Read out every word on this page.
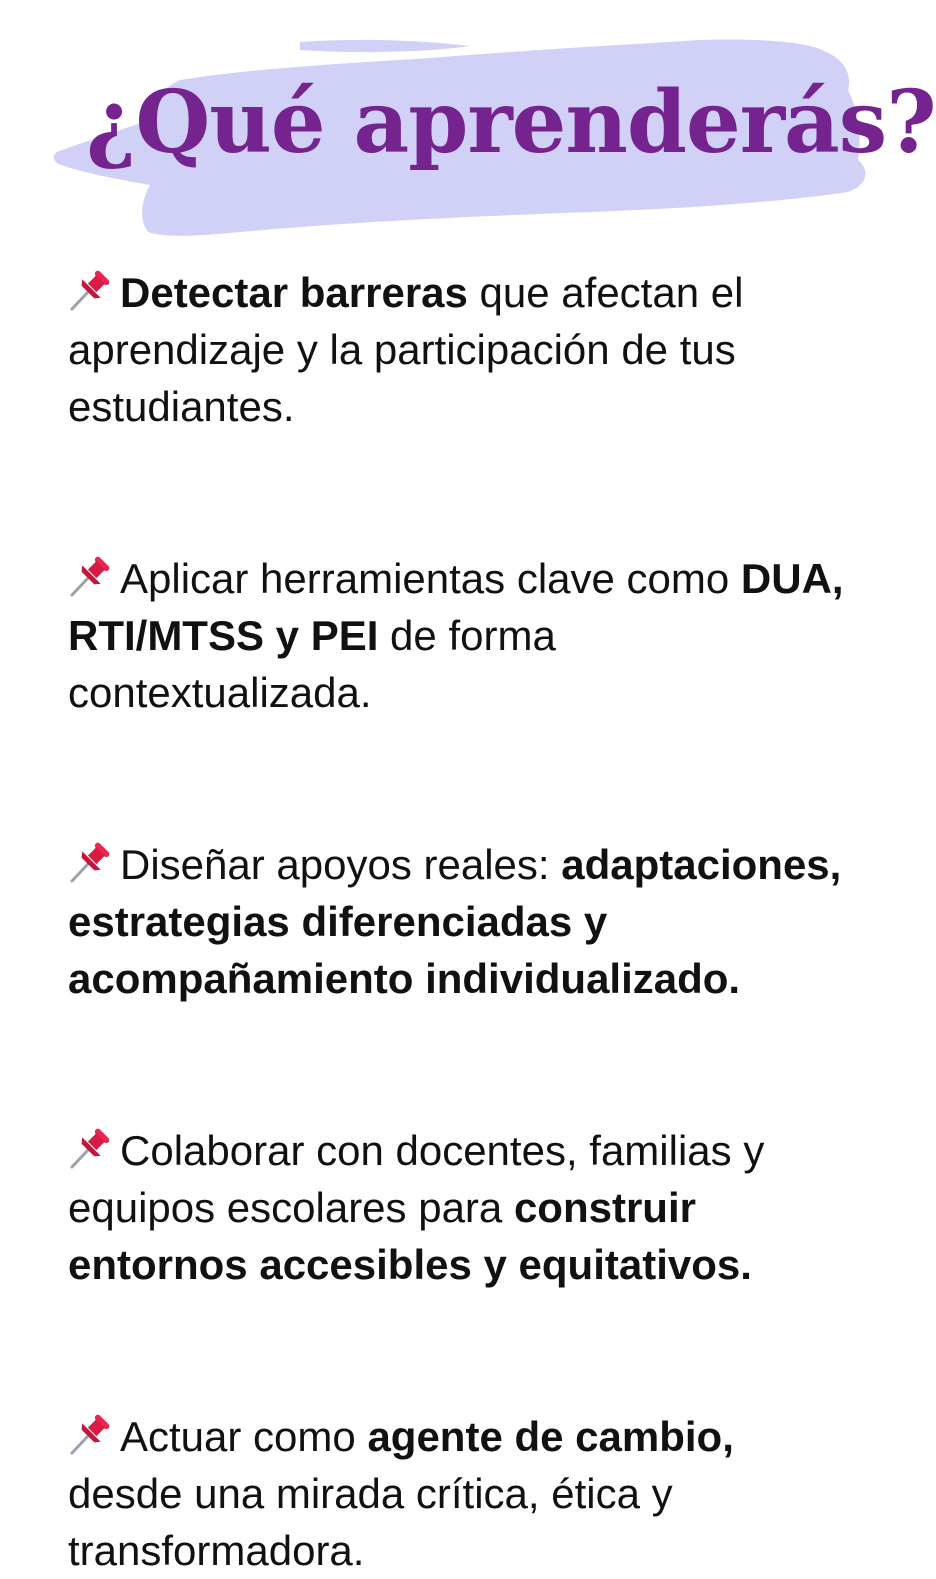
¿Qué aprenderás?

Detectar barreras que afectan el aprendizaje y la participación de tus estudiantes.

Aplicar herramientas clave como DUA, RTI/MTSS y PEI de forma contextualizada.

Diseñar apoyos reales: adaptaciones, estrategias diferenciadas y acompañamiento individualizado.

Colaborar con docentes, familias y equipos escolares para construir entornos accesibles y equitativos.

Actuar como agente de cambio, desde una mirada crítica, ética y transformadora.
